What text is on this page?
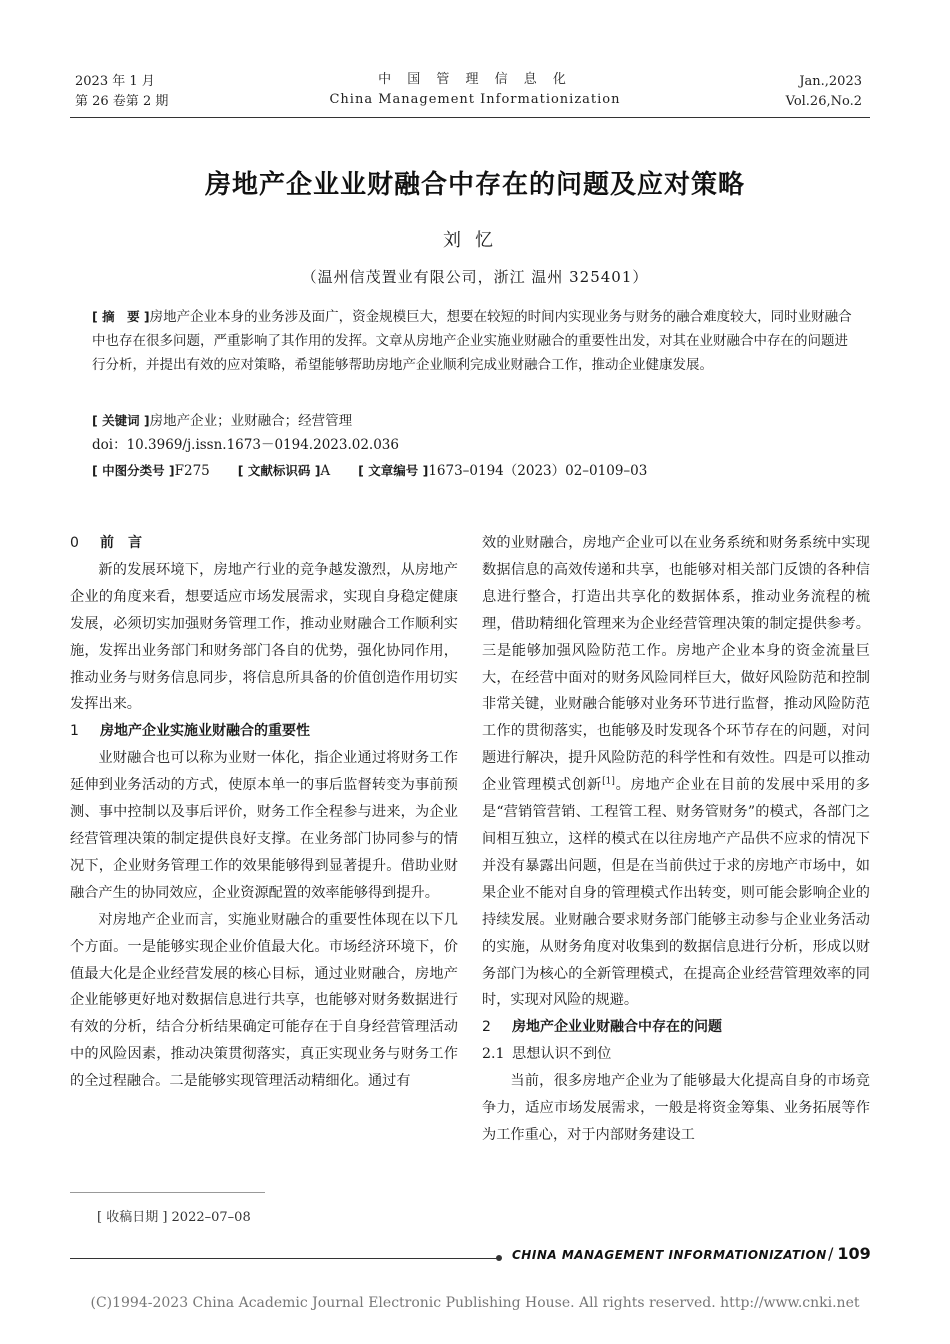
2023 年 1 月
第 26 卷第 2 期
中 国 管 理 信 息 化
China Management Informationization
Jan.,2023
Vol.26,No.2
房地产企业业财融合中存在的问题及应对策略
刘忆
（温州信茂置业有限公司，浙江 温州 325401）
[ 摘　要 ]房地产企业本身的业务涉及面广，资金规模巨大，想要在较短的时间内实现业务与财务的融合难度较大，同时业财融合中也存在很多问题，严重影响了其作用的发挥。文章从房地产企业实施业财融合的重要性出发，对其在业财融合中存在的问题进行分析，并提出有效的应对策略，希望能够帮助房地产企业顺利完成业财融合工作，推动企业健康发展。
[ 关键词 ]房地产企业；业财融合；经营管理
doi：10.3969/j.issn.1673－0194.2023.02.036
[ 中图分类号 ]F275 [ 文献标识码 ]A [ 文章编号 ]1673–0194（2023）02–0109–03
0 前　言

新的发展环境下，房地产行业的竞争越发激烈，从房地产企业的角度来看，想要适应市场发展需求，实现自身稳定健康发展，必须切实加强财务管理工作，推动业财融合工作顺利实施，发挥出业务部门和财务部门各自的优势，强化协同作用，推动业务与财务信息同步，将信息所具备的价值创造作用切实发挥出来。

1 房地产企业实施业财融合的重要性

业财融合也可以称为业财一体化，指企业通过将财务工作延伸到业务活动的方式，使原本单一的事后监督转变为事前预测、事中控制以及事后评价，财务工作全程参与进来，为企业经营管理决策的制定提供良好支撑。在业务部门协同参与的情况下，企业财务管理工作的效果能够得到显著提升。借助业财融合产生的协同效应，企业资源配置的效率能够得到提升。

对房地产企业而言，实施业财融合的重要性体现在以下几个方面。一是能够实现企业价值最大化。市场经济环境下，价值最大化是企业经营发展的核心目标，通过业财融合，房地产企业能够更好地对数据信息进行共享，也能够对财务数据进行有效的分析，结合分析结果确定可能存在于自身经营管理活动中的风险因素，推动决策贯彻落实，真正实现业务与财务工作的全过程融合。二是能够实现管理活动精细化。通过有

效的业财融合，房地产企业可以在业务系统和财务系统中实现数据信息的高效传递和共享，也能够对相关部门反馈的各种信息进行整合，打造出共享化的数据体系，推动业务流程的梳理，借助精细化管理来为企业经营管理决策的制定提供参考。三是能够加强风险防范工作。房地产企业本身的资金流量巨大，在经营中面对的财务风险同样巨大，做好风险防范和控制非常关键，业财融合能够对业务环节进行监督，推动风险防范工作的贯彻落实，也能够及时发现各个环节存在的问题，对问题进行解决，提升风险防范的科学性和有效性。四是可以推动企业管理模式创新[1]。房地产企业在目前的发展中采用的多是“营销管营销、工程管工程、财务管财务”的模式，各部门之间相互独立，这样的模式在以往房地产产品供不应求的情况下并没有暴露出问题，但是在当前供过于求的房地产市场中，如果企业不能对自身的管理模式作出转变，则可能会影响企业的持续发展。业财融合要求财务部门能够主动参与企业业务活动的实施，从财务角度对收集到的数据信息进行分析，形成以财务部门为核心的全新管理模式，在提高企业经营管理效率的同时，实现对风险的规避。

2 房地产企业业财融合中存在的问题
2.1 思想认识不到位

当前，很多房地产企业为了能够最大化提高自身的市场竞争力，适应市场发展需求，一般是将资金筹集、业务拓展等作为工作重心，对于内部财务建设工

[ 收稿日期 ] 2022–07–08
CHINA MANAGEMENT INFORMATIONIZATION / 109
(C)1994-2023 China Academic Journal Electronic Publishing House. All rights reserved. http://www.cnki.net
